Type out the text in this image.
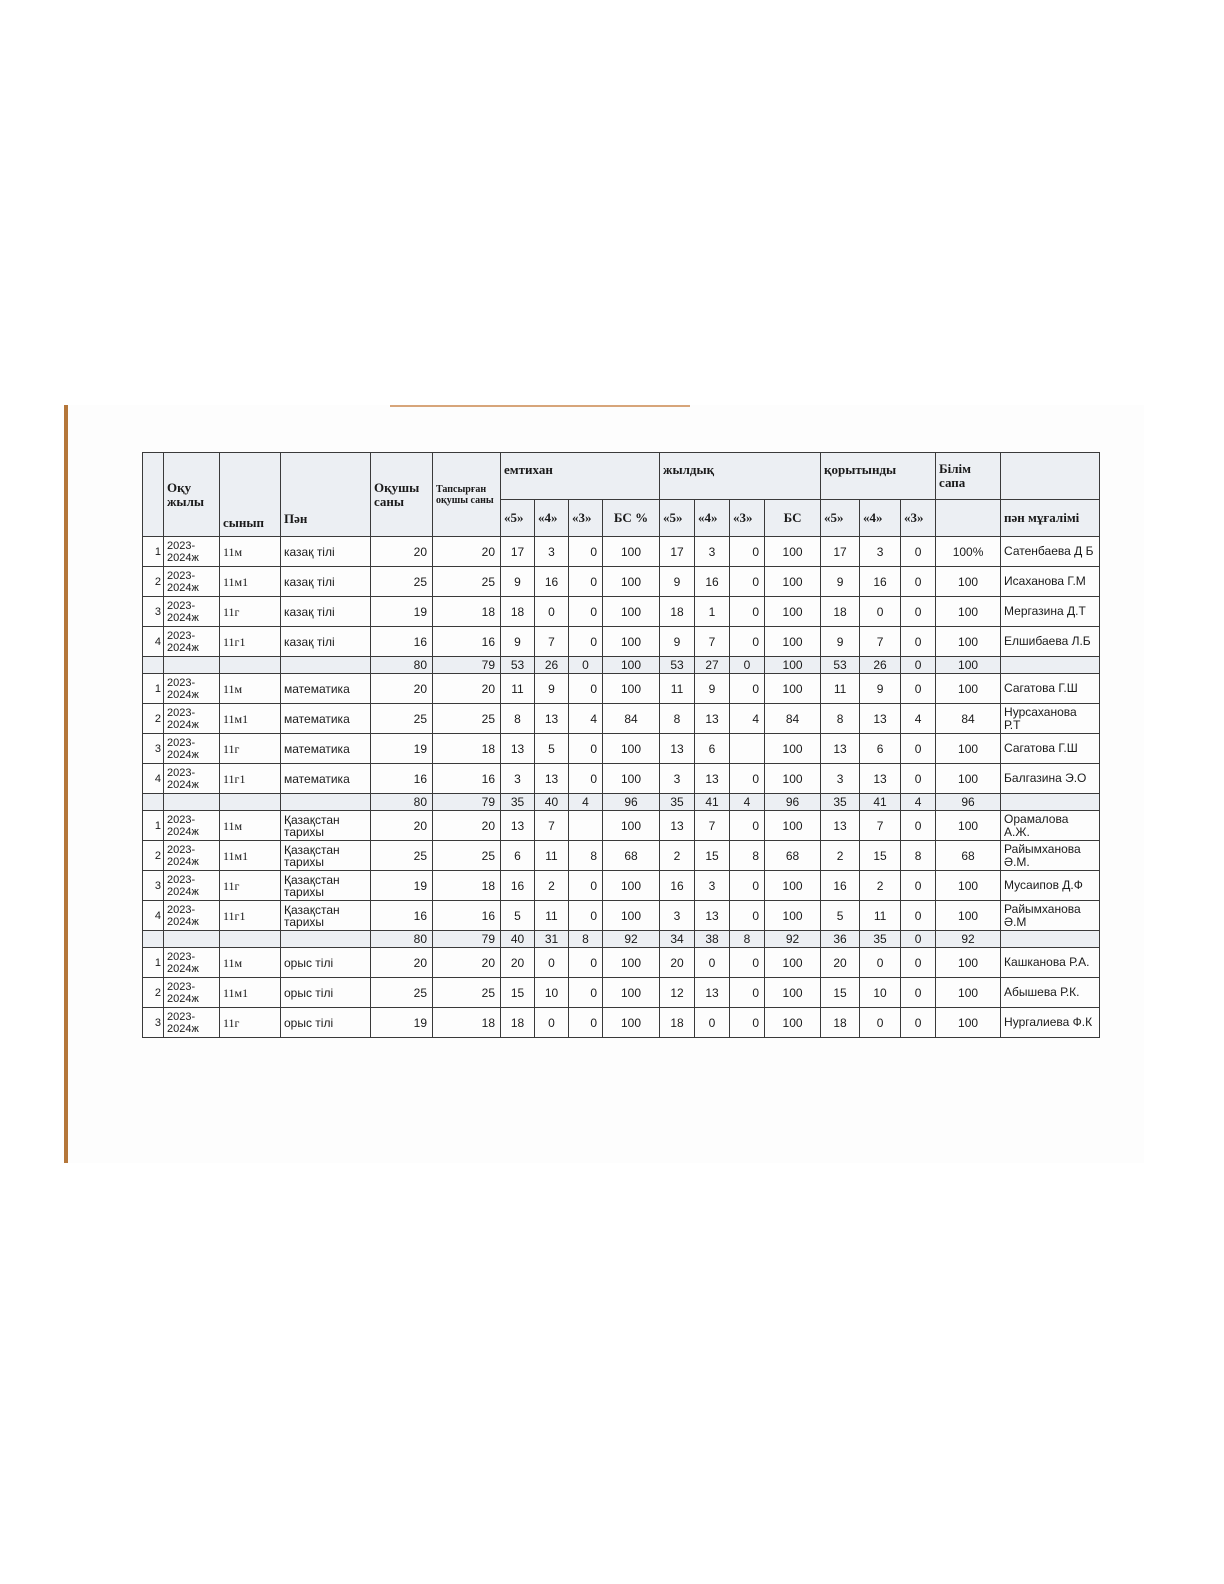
	Оқу жылы	сынып	Пән	Оқушы саны	Тапсырған оқушы саны	емтихан				жылдық				қорытынды			Білім сапа	
						«5»	«4»	«3»	БС %	«5»	«4»	«3»	БС	«5»	«4»	«3»		пән мұғалімі
1	2023-2024ж	11м	казақ тілі	20	20	17	3	0	100	17	3	0	100	17	3	0	100%	Сатенбаева Д Б
2	2023-2024ж	11м1	казақ тілі	25	25	9	16	0	100	9	16	0	100	9	16	0	100	Исаханова Г.М
3	2023-2024ж	11г	казақ тілі	19	18	18	0	0	100	18	1	0	100	18	0	0	100	Мергазина Д.Т
4	2023-2024ж	11г1	казақ тілі	16	16	9	7	0	100	9	7	0	100	9	7	0	100	Елшибаева Л.Б
				80	79	53	26	0	100	53	27	0	100	53	26	0	100	
1	2023-2024ж	11м	математика	20	20	11	9	0	100	11	9	0	100	11	9	0	100	Сагатова Г.Ш
2	2023-2024ж	11м1	математика	25	25	8	13	4	84	8	13	4	84	8	13	4	84	Нурсаханова Р.Т
3	2023-2024ж	11г	математика	19	18	13	5	0	100	13	6		100	13	6	0	100	Сагатова Г.Ш
4	2023-2024ж	11г1	математика	16	16	3	13	0	100	3	13	0	100	3	13	0	100	Балгазина Э.О
				80	79	35	40	4	96	35	41	4	96	35	41	4	96	
1	2023-2024ж	11м	Қазақстан тарихы	20	20	13	7		100	13	7	0	100	13	7	0	100	Орамалова А.Ж.
2	2023-2024ж	11м1	Қазақстан тарихы	25	25	6	11	8	68	2	15	8	68	2	15	8	68	Райымханова Ә.М.
3	2023-2024ж	11г	Қазақстан тарихы	19	18	16	2	0	100	16	3	0	100	16	2	0	100	Мусаипов Д.Ф
4	2023-2024ж	11г1	Қазақстан тарихы	16	16	5	11	0	100	3	13	0	100	5	11	0	100	Райымханова Ә.М
				80	79	40	31	8	92	34	38	8	92	36	35	0	92	
1	2023-2024ж	11м	орыс тілі	20	20	20	0	0	100	20	0	0	100	20	0	0	100	Кашканова Р.А.
2	2023-2024ж	11м1	орыс тілі	25	25	15	10	0	100	12	13	0	100	15	10	0	100	Абышева Р.К.
3	2023-2024ж	11г	орыс тілі	19	18	18	0	0	100	18	0	0	100	18	0	0	100	Нургалиева Ф.К
